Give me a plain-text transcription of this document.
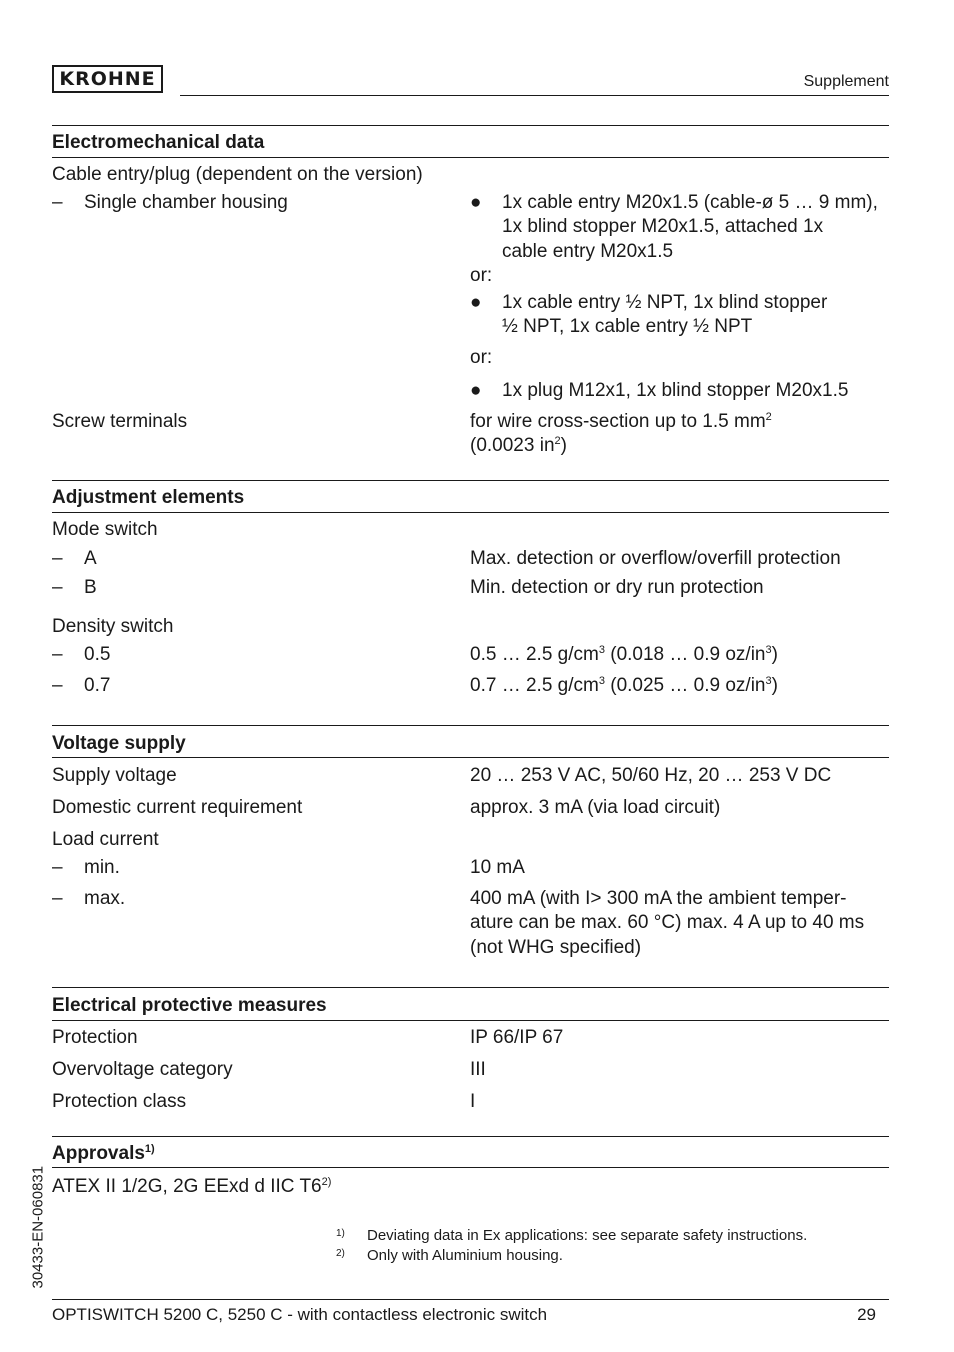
KROHNE	Supplement
Electromechanical data
Cable entry/plug (dependent on the version)
– Single chamber housing	● 1x cable entry M20x1.5 (cable-ø 5 … 9 mm),
1x blind stopper M20x1.5, attached 1x
cable entry M20x1.5
or:
● 1x cable entry ½ NPT, 1x blind stopper
½ NPT, 1x cable entry ½ NPT
or:
● 1x plug M12x1, 1x blind stopper M20x1.5
Screw terminals	for wire cross-section up to 1.5 $mm^2$
(0.0023 $in^2$)
Adjustment elements
Mode switch
– A	Max. detection or overflow/overfill protection
– B	Min. detection or dry run protection
Density switch
– 0.5	0.5 … 2.5 $g/cm^3$ (0.018 … 0.9 $oz/in^3$)
– 0.7	0.7 … 2.5 $g/cm^3$ (0.025 … 0.9 $oz/in^3$)
Voltage supply
Supply voltage	20 … 253 V AC, 50/60 Hz, 20 … 253 V DC
Domestic current requirement	approx. 3 mA (via load circuit)
Load current
– min.	10 mA
– max.	400 mA (with I> 300 mA the ambient temper-
ature can be max. 60 °C) max. 4 A up to 40 ms
(not WHG specified)
Electrical protective measures
Protection	IP 66/IP 67
Overvoltage category	III
Protection class	I
Approvals$^{1)}$
ATEX II 1/2G, 2G EExd d IIC T6$^{2)}$
1) Deviating data in Ex applications: see separate safety instructions.
2) Only with Aluminium housing.
30433-EN-060831
OPTISWITCH 5200 C, 5250 C - with contactless electronic switch	29
